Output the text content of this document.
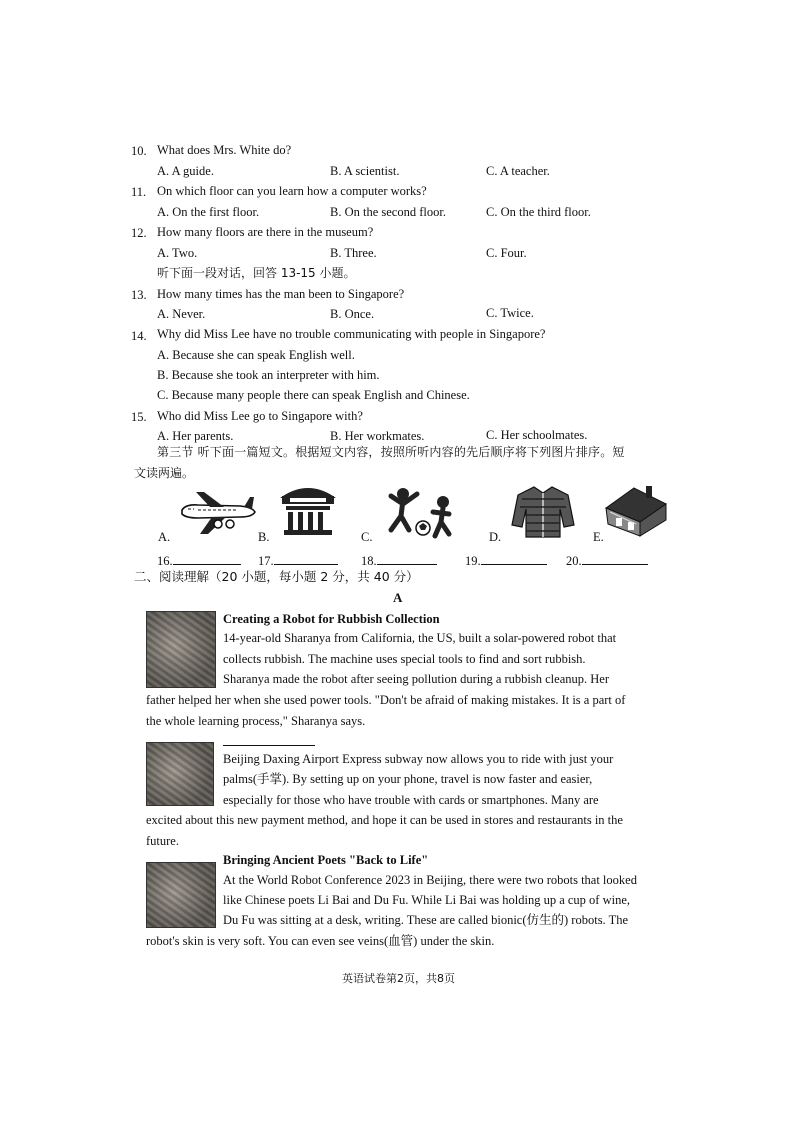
10. What does Mrs. White do?
A. A guide.	B. A scientist.	C. A teacher.
11. On which floor can you learn how a computer works?
A. On the first floor.	B. On the second floor.	C. On the third floor.
12. How many floors are there in the museum?
A. Two.	B. Three.	C. Four.
听下面一段对话，回答 13-15 小题。
13. How many times has the man been to Singapore?
A. Never.	B. Once.	C. Twice.
14. Why did Miss Lee have no trouble communicating with people in Singapore?
A. Because she can speak English well.
B. Because she took an interpreter with him.
C. Because many people there can speak English and Chinese.
15. Who did Miss Lee go to Singapore with?
A. Her parents.	B. Her workmates.	C. Her schoolmates.
第三节 听下面一篇短文。根据短文内容，按照所听内容的先后顺序将下列图片排序。短
文读两遍。
A.	B.	C.	D.	E.
16.	17.	18.	19.	20.
二、阅读理解（20 小题，每小题 2 分，共 40 分）
A
Creating a Robot for Rubbish Collection
14-year-old Sharanya from California, the US, built a solar-powered robot that
collects rubbish. The machine uses special tools to find and sort rubbish.
Sharanya made the robot after seeing pollution during a rubbish cleanup. Her
father helped her when she used power tools. "Don't be afraid of making mistakes. It is a part of
the whole learning process," Sharanya says.
Beijing Daxing Airport Express subway now allows you to ride with just your
palms(手掌). By setting up on your phone, travel is now faster and easier,
especially for those who have trouble with cards or smartphones. Many are
excited about this new payment method, and hope it can be used in stores and restaurants in the
future.
Bringing Ancient Poets "Back to Life"
At the World Robot Conference 2023 in Beijing, there were two robots that looked
like Chinese poets Li Bai and Du Fu. While Li Bai was holding up a cup of wine,
Du Fu was sitting at a desk, writing. These are called bionic(仿生的) robots. The
robot's skin is very soft. You can even see veins(血管) under the skin.
英语试卷第2页，共8页
